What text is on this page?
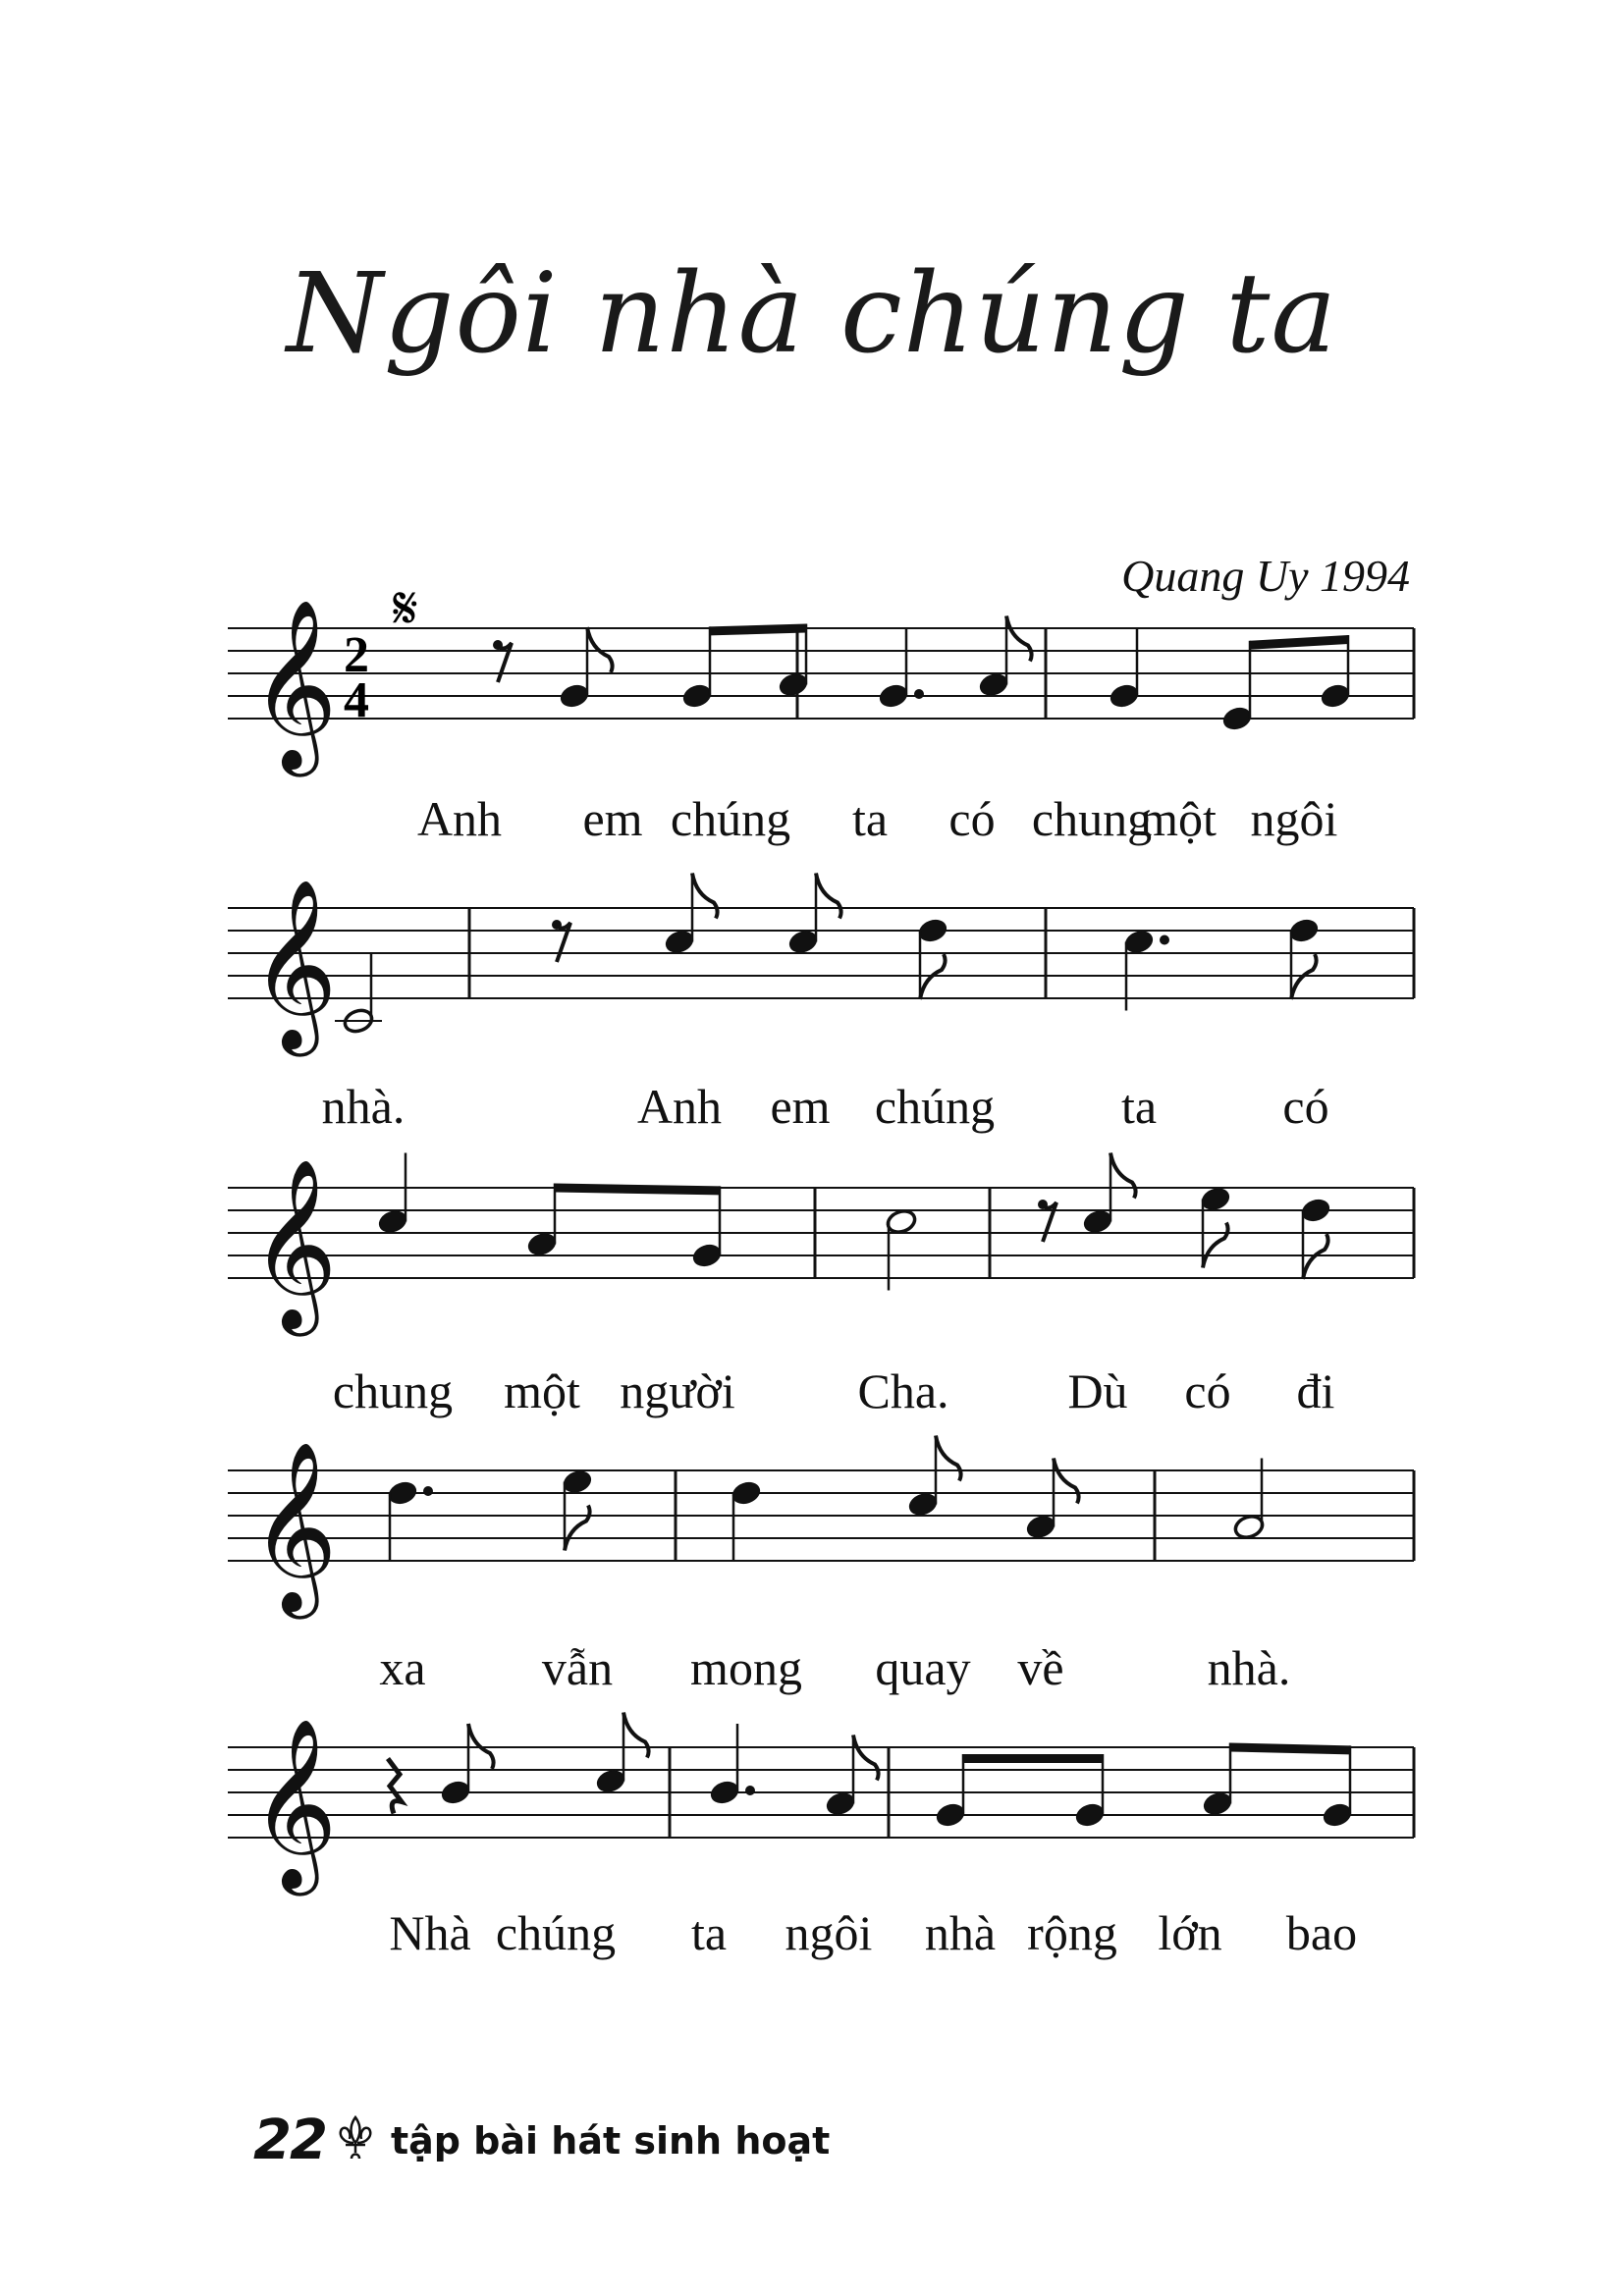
Ngôi nhà chúng ta
Quang Uy 1994
𝄞 2
4
𝄋
Anh em chúng ta có chung
một ngôi
𝄞
nhà.	Anh em chúng	ta	có
𝄞
chung một người Cha. Dù có đi
𝄞
xa vẫn mong quay về	nhà.
𝄞
Nhà chúng ta ngôi nhà rộng lớn bao
22 tập bài hát sinh hoạt
